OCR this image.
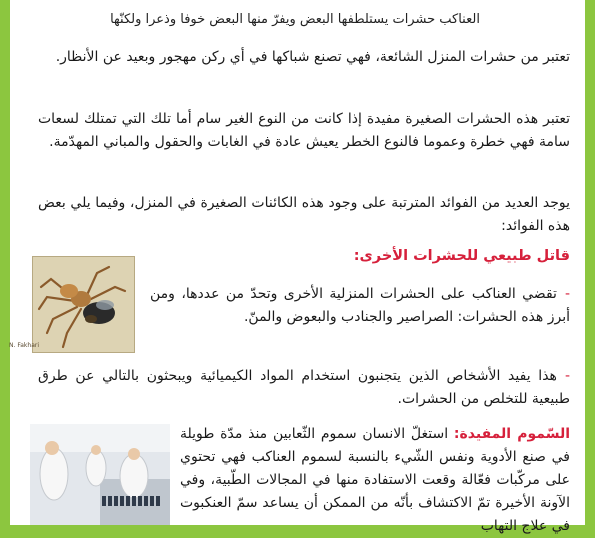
العناكب حشرات يستلطفها البعض ويفرّ منها البعض خوفا وذعرا ولكنّها

تعتبر من حشرات المنزل الشائعة، فهي تصنع شباكها في أي ركن مهجور وبعيد عن الأنظار.

تعتبر هذه الحشرات الصغيرة مفيدة إذا كانت من النوع الغير سام أما تلك التي تمتلك لسعات سامة فهي خطرة وعموما فالنوع الخطر يعيش عادة في الغابات والحقول والمباني المهدّمة.

يوجد العديد من الفوائد المترتبة على وجود هذه الكائنات الصغيرة في المنزل، وفيما يلي بعض هذه الفوائد:

قاتل طبيعي للحشرات الأخرى:
N. Fakhari

-تقضي العناكب على الحشرات المنزلية الأخرى وتحدّ من عددها، ومن أبرز هذه الحشرات: الصراصير والجنادب والبعوض والمنّ.

-هذا يفيد الأشخاص الذين يتجنبون استخدام المواد الكيميائية ويبحثون بالتالي عن طرق طبيعية للتخلص من الحشرات.

السّموم المفيدة: استغلّ الانسان سموم الثّعابين منذ مدّة طويلة في صنع الأدوية ونفس الشّيء بالنسبة لسموم العناكب فهي تحتوي على مركّبات فعّالة وقعت الاستفادة منها في المجالات الطّبية، وفي الآونة الأخيرة تمّ الاكتشاف بأنّه من الممكن أن يساعد سمّ العنكبوت في علاج التهاب
